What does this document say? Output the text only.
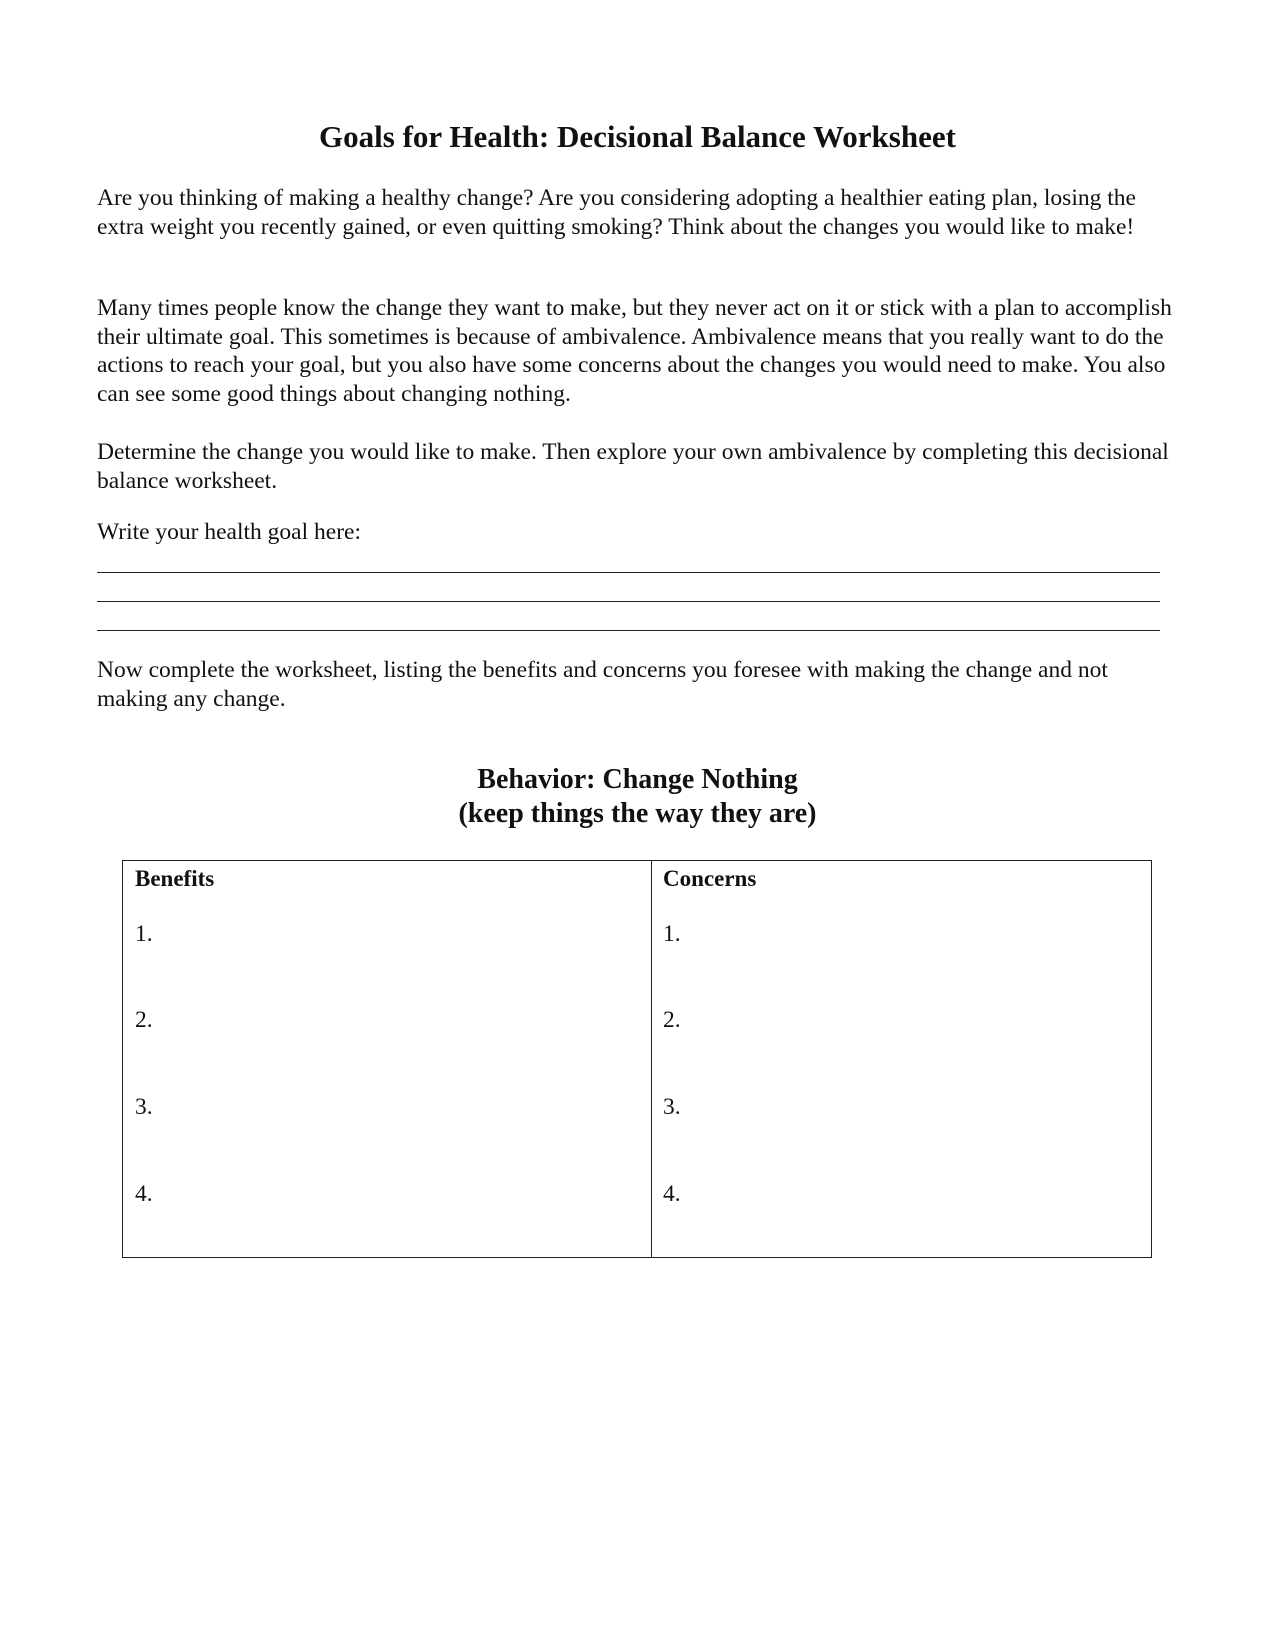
Goals for Health: Decisional Balance Worksheet

Are you thinking of making a healthy change? Are you considering adopting a healthier eating plan, losing the extra weight you recently gained, or even quitting smoking? Think about the changes you would like to make!

Many times people know the change they want to make, but they never act on it or stick with a plan to accomplish their ultimate goal. This sometimes is because of ambivalence. Ambivalence means that you really want to do the actions to reach your goal, but you also have some concerns about the changes you would need to make. You also can see some good things about changing nothing.

Determine the change you would like to make. Then explore your own ambivalence by completing this decisional balance worksheet.

Write your health goal here:

Now complete the worksheet, listing the benefits and concerns you foresee with making the change and not making any change.

Behavior: Change Nothing
(keep things the way they are)

Benefits

1.

2.

3.

4.

Concerns

1.

2.

3.

4.
